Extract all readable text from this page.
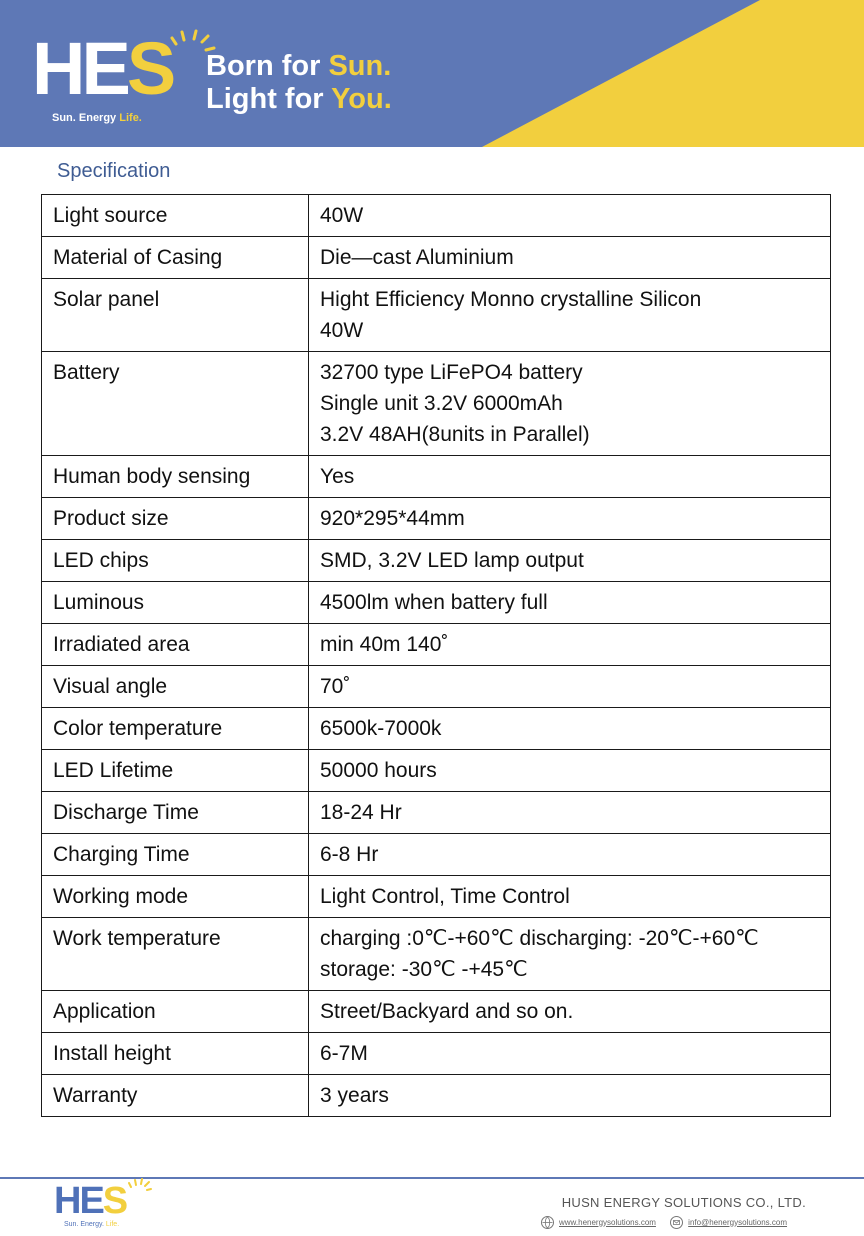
HES
Sun. Energy Life.
Born for Sun.
Light for You.
Specification
Light source	40W

Material of Casing	Die—cast Aluminium

Solar panel	Hight Efficiency Monno crystalline Silicon
40W

Battery	32700 type LiFePO4 battery
Single unit 3.2V 6000mAh
3.2V 48AH(8units in Parallel)

Human body sensing	Yes

Product size	920*295*44mm

LED chips	SMD, 3.2V LED lamp output

Luminous	4500lm when battery full

Irradiated area	min 40m 140˚

Visual angle	70˚

Color temperature	6500k-7000k

LED Lifetime	50000 hours

Discharge Time	18-24 Hr

Charging Time	6-8 Hr

Working mode	Light Control, Time Control

Work temperature	charging :0℃-+60℃ discharging: -20℃-+60℃
storage: -30℃ -+45℃

Application	Street/Backyard and so on.

Install height	6-7M

Warranty	3 years
HES
Sun. Energy. Life.
HUSN ENERGY SOLUTIONS CO., LTD.
www.henergysolutions.com	info@henergysolutions.com
